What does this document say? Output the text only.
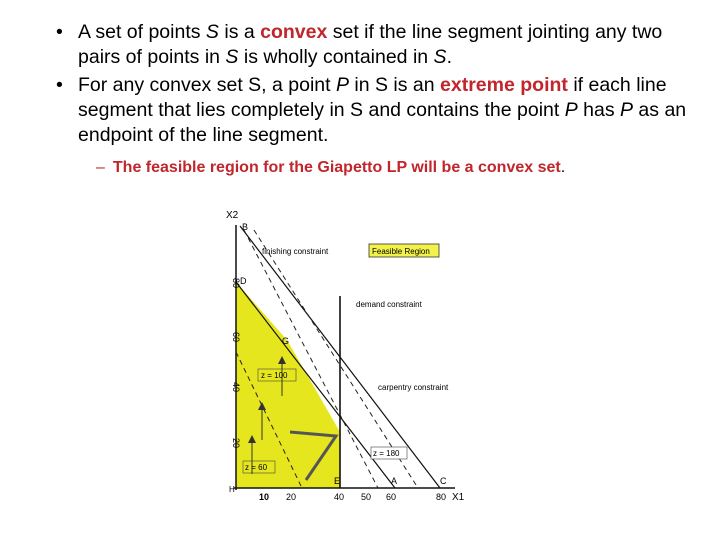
• A set of points S is a convex set if the line segment jointing any two pairs of points in S is wholly contained in S.
• For any convex set S, a point P in S is an extreme point if each line segment that lies completely in S and contains the point P has P as an endpoint of the line segment.
– The feasible region for the Giapetto LP will be a convex set.
X2
X1
20
40
60
80
10 20	40 50 60	80
B
D
G
H
E	A	C
finishing constraint
demand constraint
carpentry constraint
Feasible Region
z = 100
z = 60
z = 180
